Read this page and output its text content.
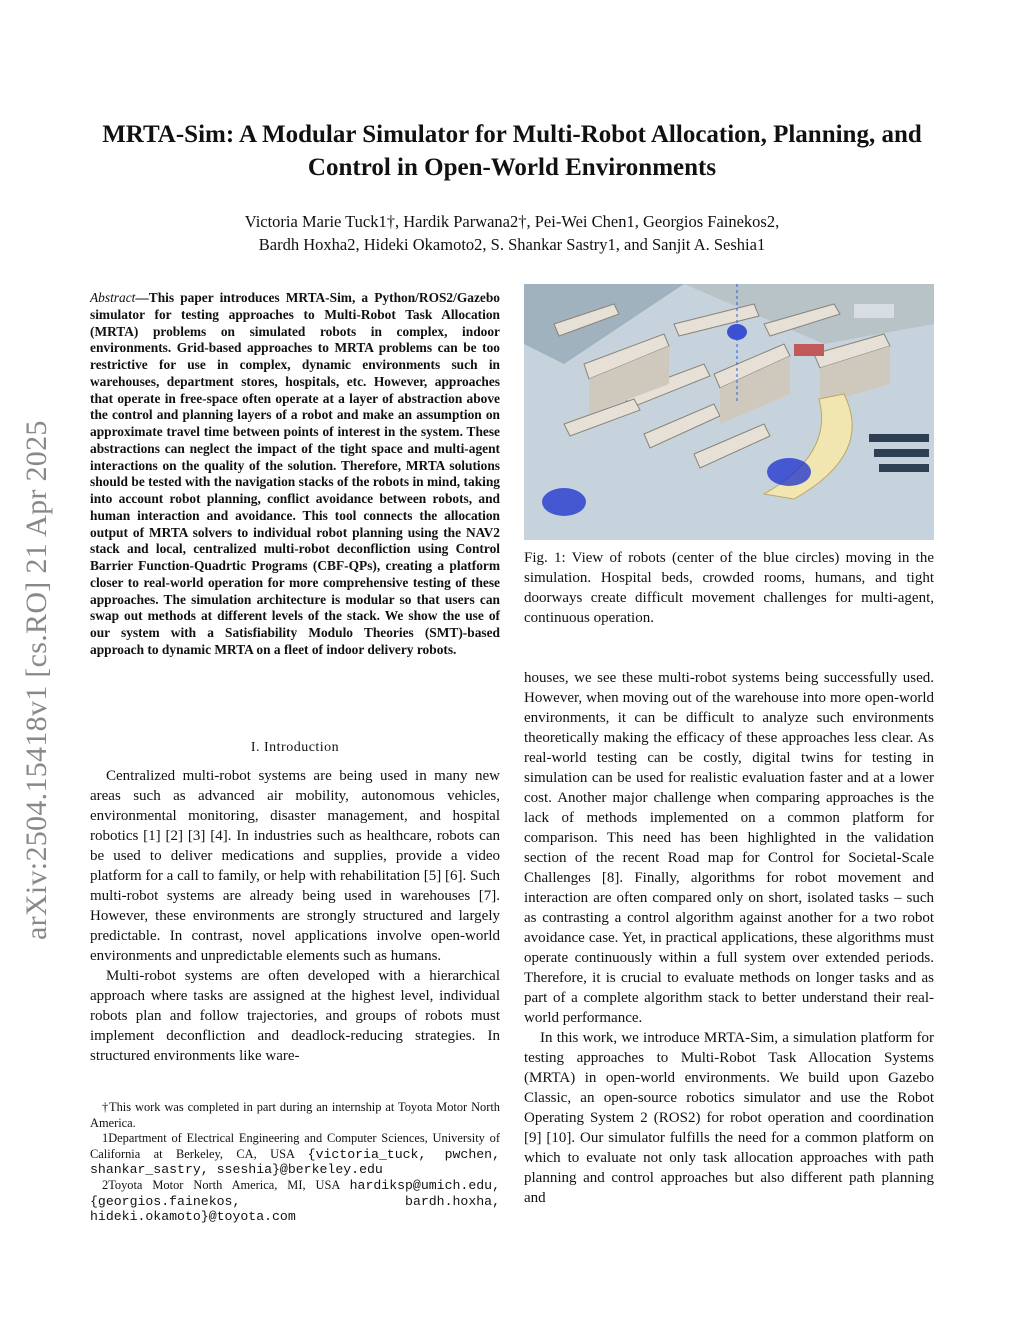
MRTA-Sim: A Modular Simulator for Multi-Robot Allocation, Planning, and Control in Open-World Environments
Victoria Marie Tuck1†, Hardik Parwana2†, Pei-Wei Chen1, Georgios Fainekos2,
Bardh Hoxha2, Hideki Okamoto2, S. Shankar Sastry1, and Sanjit A. Seshia1
arXiv:2504.15418v1 [cs.RO] 21 Apr 2025
Abstract—This paper introduces MRTA-Sim, a Python/ROS2/Gazebo simulator for testing approaches to Multi-Robot Task Allocation (MRTA) problems on simulated robots in complex, indoor environments. Grid-based approaches to MRTA problems can be too restrictive for use in complex, dynamic environments such in warehouses, department stores, hospitals, etc. However, approaches that operate in free-space often operate at a layer of abstraction above the control and planning layers of a robot and make an assumption on approximate travel time between points of interest in the system. These abstractions can neglect the impact of the tight space and multi-agent interactions on the quality of the solution. Therefore, MRTA solutions should be tested with the navigation stacks of the robots in mind, taking into account robot planning, conflict avoidance between robots, and human interaction and avoidance. This tool connects the allocation output of MRTA solvers to individual robot planning using the NAV2 stack and local, centralized multi-robot deconfliction using Control Barrier Function-Quadrtic Programs (CBF-QPs), creating a platform closer to real-world operation for more comprehensive testing of these approaches. The simulation architecture is modular so that users can swap out methods at different levels of the stack. We show the use of our system with a Satisfiability Modulo Theories (SMT)-based approach to dynamic MRTA on a fleet of indoor delivery robots.
I. Introduction

Centralized multi-robot systems are being used in many new areas such as advanced air mobility, autonomous vehicles, environmental monitoring, disaster management, and hospital robotics [1] [2] [3] [4]. In industries such as healthcare, robots can be used to deliver medications and supplies, provide a video platform for a call to family, or help with rehabilitation [5] [6]. Such multi-robot systems are already being used in warehouses [7]. However, these environments are strongly structured and largely predictable. In contrast, novel applications involve open-world environments and unpredictable elements such as humans.

Multi-robot systems are often developed with a hierarchical approach where tasks are assigned at the highest level, individual robots plan and follow trajectories, and groups of robots must implement deconfliction and deadlock-reducing strategies. In structured environments like ware-

†This work was completed in part during an internship at Toyota Motor North America.

1Department of Electrical Engineering and Computer Sciences, University of California at Berkeley, CA, USA {victoria_tuck, pwchen, shankar_sastry, sseshia}@berkeley.edu

2Toyota Motor North America, MI, USA hardiksp@umich.edu, {georgios.fainekos, bardh.hoxha, hideki.okamoto}@toyota.com

Fig. 1: View of robots (center of the blue circles) moving in the simulation. Hospital beds, crowded rooms, humans, and tight doorways create difficult movement challenges for multi-agent, continuous operation.

houses, we see these multi-robot systems being successfully used. However, when moving out of the warehouse into more open-world environments, it can be difficult to analyze such environments theoretically making the efficacy of these approaches less clear. As real-world testing can be costly, digital twins for testing in simulation can be used for realistic evaluation faster and at a lower cost. Another major challenge when comparing approaches is the lack of methods implemented on a common platform for comparison. This need has been highlighted in the validation section of the recent Road map for Control for Societal-Scale Challenges [8]. Finally, algorithms for robot movement and interaction are often compared only on short, isolated tasks – such as contrasting a control algorithm against another for a two robot avoidance case. Yet, in practical applications, these algorithms must operate continuously within a full system over extended periods. Therefore, it is crucial to evaluate methods on longer tasks and as part of a complete algorithm stack to better understand their real-world performance.

In this work, we introduce MRTA-Sim, a simulation platform for testing approaches to Multi-Robot Task Allocation Systems (MRTA) in open-world environments. We build upon Gazebo Classic, an open-source robotics simulator and use the Robot Operating System 2 (ROS2) for robot operation and coordination [9] [10]. Our simulator fulfills the need for a common platform on which to evaluate not only task allocation approaches with path planning and control approaches but also different path planning and
